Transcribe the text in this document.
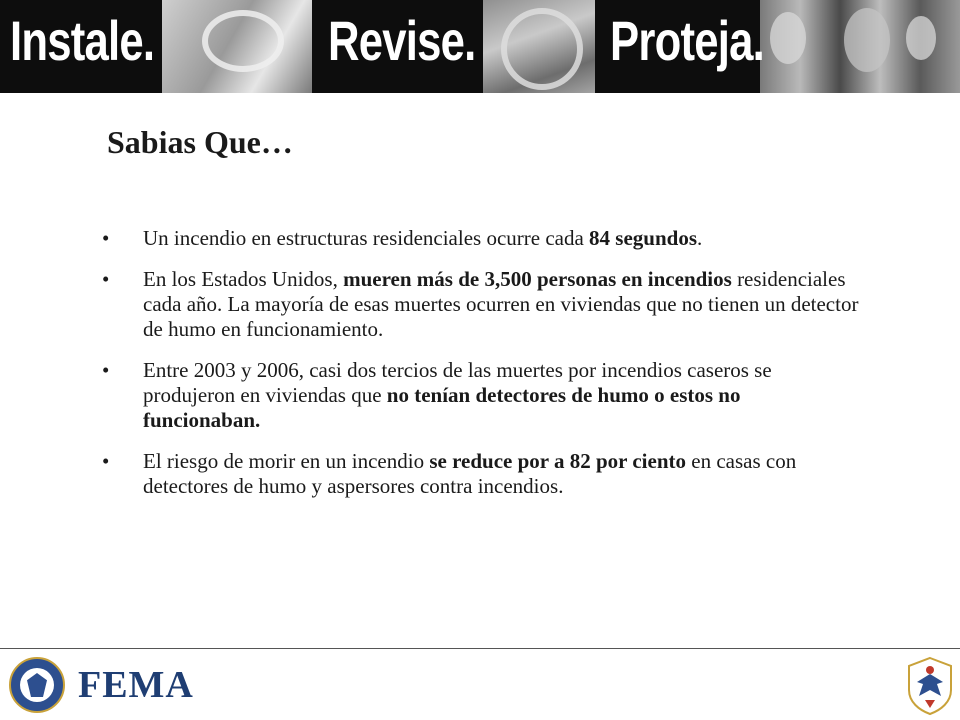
Instale.	Revise. Proteja.
Sabias Que…
• Un incendio en estructuras residenciales ocurre cada 84 segundos.
• En los Estados Unidos, mueren más de 3,500 personas en incendios residenciales cada año. La mayoría de esas muertes ocurren en viviendas que no tienen un detector de humo en funcionamiento.
• Entre 2003 y 2006, casi dos tercios de las muertes por incendios caseros se produjeron en viviendas que no tenían detectores de humo o estos no funcionaban.
• El riesgo de morir en un incendio se reduce por a 82 por ciento en casas con detectores de humo y aspersores contra incendios.
FEMA
